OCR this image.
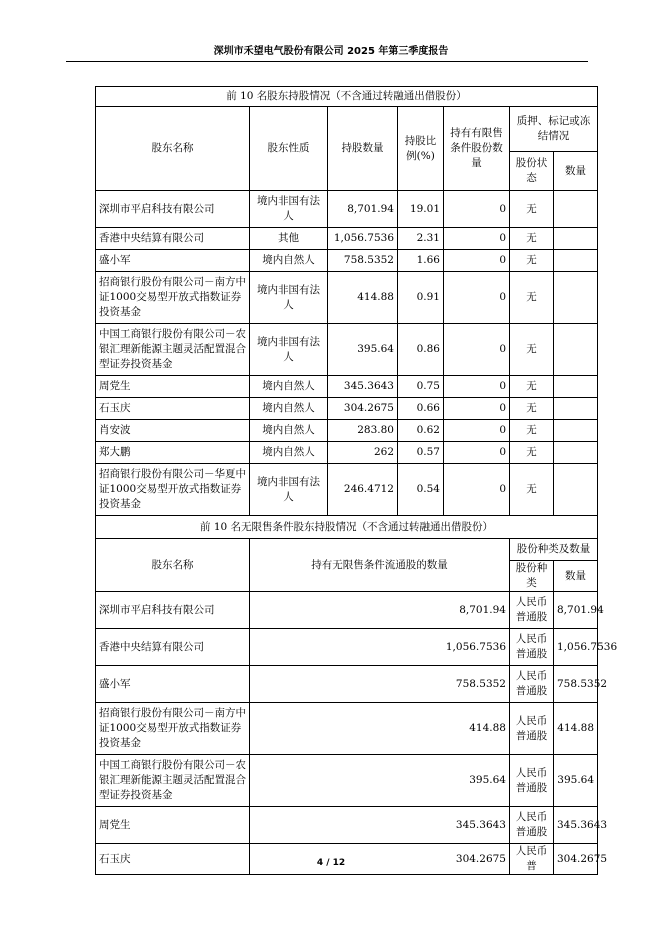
深圳市禾望电气股份有限公司 2025 年第三季度报告
前 10 名股东持股情况（不含通过转融通出借股份）						
股东名称	股东性质	持股数量	持股比例(%)	持有有限售条件股份数量	质押、标记或冻结情况	
					股份状态	数量
深圳市平启科技有限公司	境内非国有法人	8,701.94	19.01	0	无	
香港中央结算有限公司	其他	1,056.7536	2.31	0	无	
盛小军	境内自然人	758.5352	1.66	0	无	
招商银行股份有限公司－南方中证1000交易型开放式指数证券投资基金	境内非国有法人	414.88	0.91	0	无	
中国工商银行股份有限公司－农银汇理新能源主题灵活配置混合型证券投资基金	境内非国有法人	395.64	0.86	0	无	
周党生	境内自然人	345.3643	0.75	0	无	
石玉庆	境内自然人	304.2675	0.66	0	无	
肖安波	境内自然人	283.80	0.62	0	无	
郑大鹏	境内自然人	262	0.57	0	无	
招商银行股份有限公司－华夏中证1000交易型开放式指数证券投资基金	境内非国有法人	246.4712	0.54	0	无	
前 10 名无限售条件股东持股情况（不含通过转融通出借股份）						
股东名称	持有无限售条件流通股的数量				股份种类及数量	
					股份种类	数量
深圳市平启科技有限公司	8,701.94				人民币普通股	8,701.94
香港中央结算有限公司	1,056.7536				人民币普通股	1,056.7536
盛小军	758.5352				人民币普通股	758.5352
招商银行股份有限公司－南方中证1000交易型开放式指数证券投资基金	414.88				人民币普通股	414.88
中国工商银行股份有限公司－农银汇理新能源主题灵活配置混合型证券投资基金	395.64				人民币普通股	395.64
周党生	345.3643				人民币普通股	345.3643
石玉庆	304.2675				人民币普	304.2675
4 / 12
